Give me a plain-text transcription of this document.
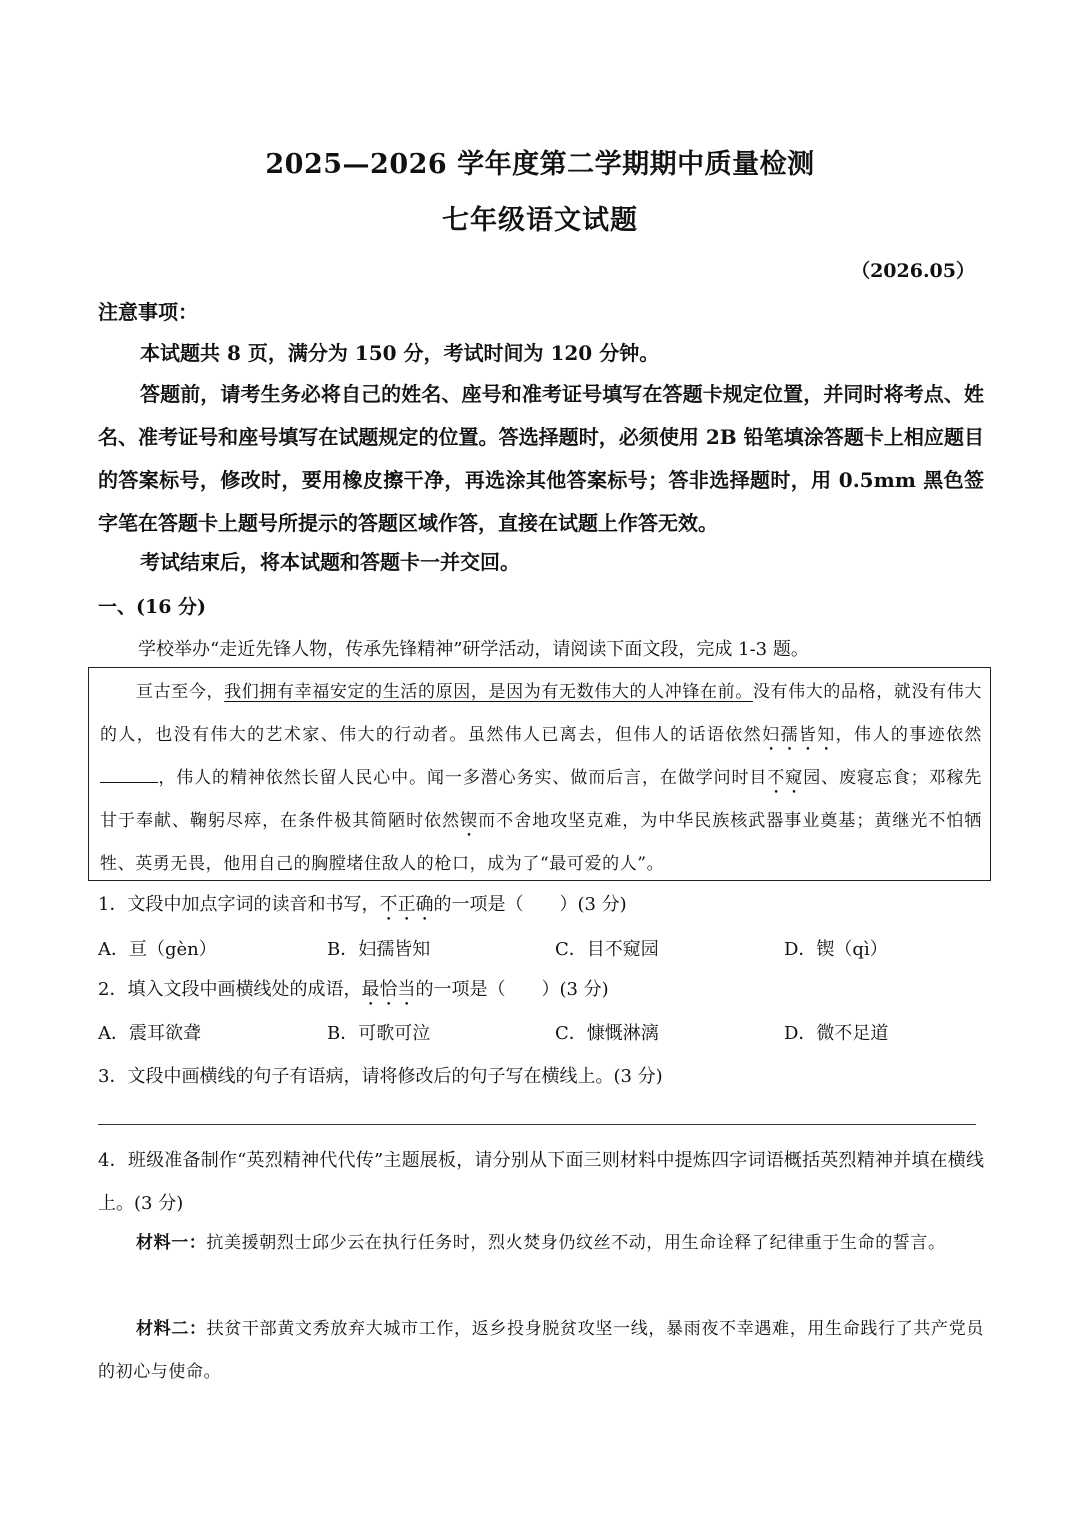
2025—2026 学年度第二学期期中质量检测
七年级语文试题
（2026.05）
注意事项：
本试题共 8 页，满分为 150 分，考试时间为 120 分钟。
答题前，请考生务必将自己的姓名、座号和准考证号填写在答题卡规定位置，并同时将考点、姓名、准考证号和座号填写在试题规定的位置。答选择题时，必须使用 2B 铅笔填涂答题卡上相应题目的答案标号，修改时，要用橡皮擦干净，再选涂其他答案标号；答非选择题时，用 0.5mm 黑色签字笔在答题卡上题号所提示的答题区域作答，直接在试题上作答无效。
考试结束后，将本试题和答题卡一并交回。
一、(16 分)
学校举办“走近先锋人物，传承先锋精神”研学活动，请阅读下面文段，完成 1-3 题。
亘古至今，我们拥有幸福安定的生活的原因，是因为有无数伟大的人冲锋在前。没有伟大的品格，就没有伟大的人，也没有伟大的艺术家、伟大的行动者。虽然伟人已离去，但伟人的话语依然妇孺皆知，伟人的事迹依然，伟人的精神依然长留人民心中。闻一多潜心务实、做而后言，在做学问时目不窥园、废寝忘食；邓稼先甘于奉献、鞠躬尽瘁，在条件极其简陋时依然锲而不舍地攻坚克难，为中华民族核武器事业奠基；黄继光不怕牺牲、英勇无畏，他用自己的胸膛堵住敌人的枪口，成为了“最可爱的人”。
1．文段中加点字词的读音和书写，不正确的一项是（　　）(3 分)
A．亘（gèn）	B．妇孺皆知	C．目不窥园	D．锲（qì）
2．填入文段中画横线处的成语，最恰当的一项是（　　）(3 分)
A．震耳欲聋	B．可歌可泣	C．慷慨淋漓	D．微不足道
3．文段中画横线的句子有语病，请将修改后的句子写在横线上。(3 分)
4．班级准备制作“英烈精神代代传”主题展板，请分别从下面三则材料中提炼四字词语概括英烈精神并填在横线上。(3 分)
材料一：抗美援朝烈士邱少云在执行任务时，烈火焚身仍纹丝不动，用生命诠释了纪律重于生命的誓言。
材料二：扶贫干部黄文秀放弃大城市工作，返乡投身脱贫攻坚一线，暴雨夜不幸遇难，用生命践行了共产党员的初心与使命。
